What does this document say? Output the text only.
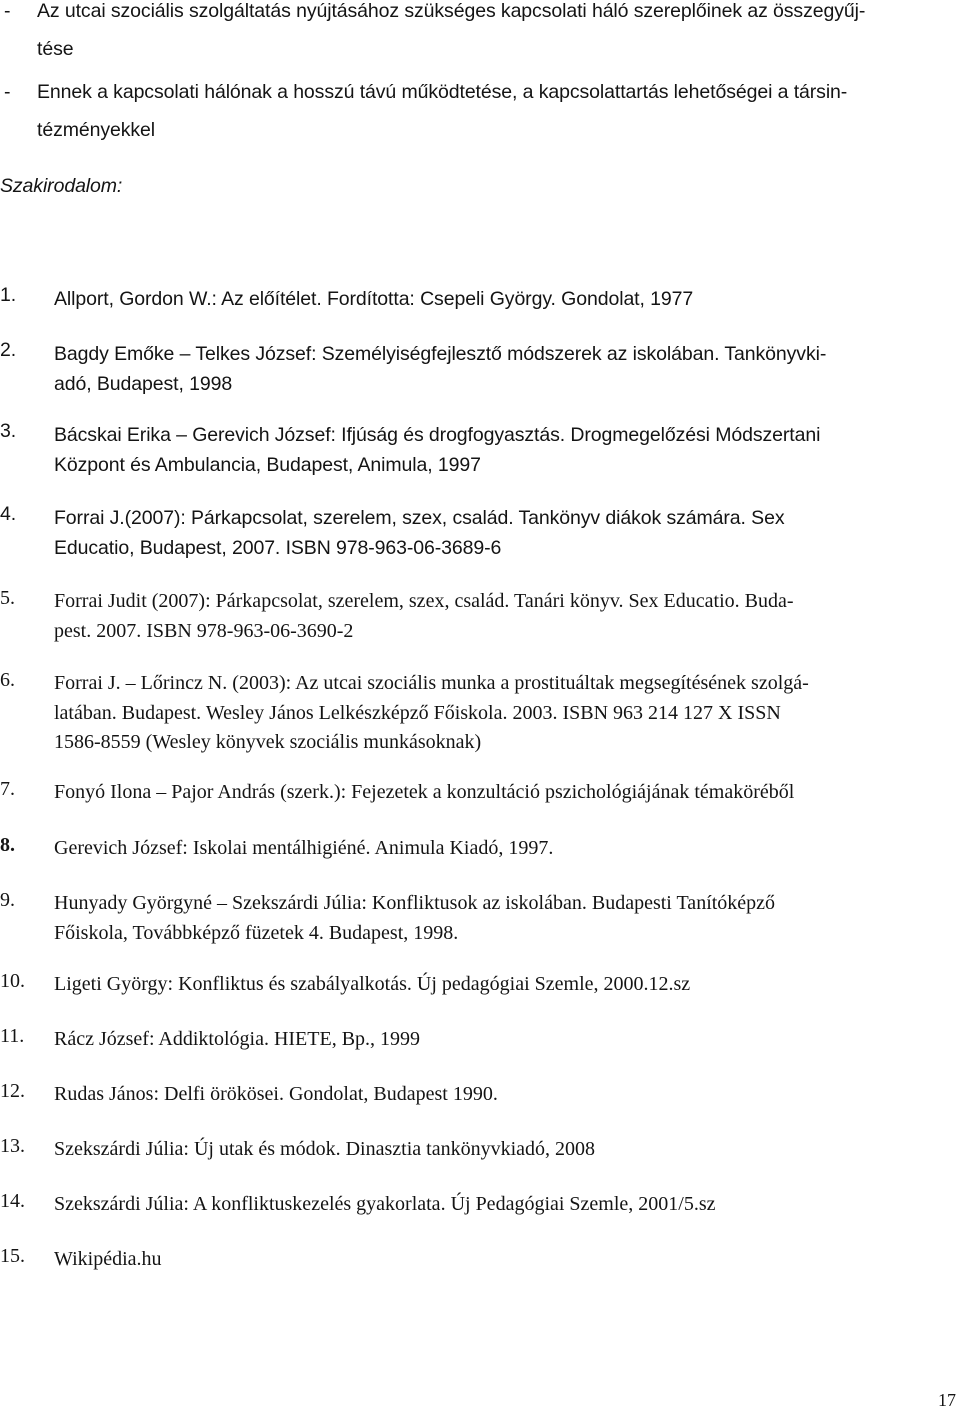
- Az utcai szociális szolgáltatás nyújtásához szükséges kapcsolati háló szereplőinek az összegyűj-
tése
- Ennek a kapcsolati hálónak a hosszú távú működtetése, a kapcsolattartás lehetőségei a társin-
tézményekkel
Szakirodalom:
1. Allport, Gordon W.: Az előítélet. Fordította: Csepeli György. Gondolat, 1977
2. Bagdy Emőke – Telkes József: Személyiségfejlesztő módszerek az iskolában. Tankönyvki-
adó, Budapest, 1998
3. Bácskai Erika – Gerevich József: Ifjúság és drogfogyasztás. Drogmegelőzési Módszertani
Központ és Ambulancia, Budapest, Animula, 1997
4. Forrai J.(2007): Párkapcsolat, szerelem, szex, család. Tankönyv diákok számára. Sex
Educatio, Budapest, 2007. ISBN 978-963-06-3689-6
5. Forrai Judit (2007): Párkapcsolat, szerelem, szex, család. Tanári könyv. Sex Educatio. Buda-
pest. 2007. ISBN 978-963-06-3690-2
6. Forrai J. – Lőrincz N. (2003): Az utcai szociális munka a prostituáltak megsegítésének szolgá-
latában. Budapest. Wesley János Lelkészképző Főiskola. 2003. ISBN 963 214 127 X ISSN
1586-8559 (Wesley könyvek szociális munkásoknak)
7. Fonyó Ilona – Pajor András (szerk.): Fejezetek a konzultáció pszichológiájának témaköréből
8. Gerevich József: Iskolai mentálhigiéné. Animula Kiadó, 1997.
9. Hunyady Györgyné – Szekszárdi Júlia: Konfliktusok az iskolában. Budapesti Tanítóképző
Főiskola, Továbbképző füzetek 4. Budapest, 1998.
10. Ligeti György: Konfliktus és szabályalkotás. Új pedagógiai Szemle, 2000.12.sz
11. Rácz József: Addiktológia. HIETE, Bp., 1999
12. Rudas János: Delfi örökösei. Gondolat, Budapest 1990.
13. Szekszárdi Júlia: Új utak és módok. Dinasztia tankönyvkiadó, 2008
14. Szekszárdi Júlia: A konfliktuskezelés gyakorlata. Új Pedagógiai Szemle, 2001/5.sz
15. Wikipédia.hu
17
